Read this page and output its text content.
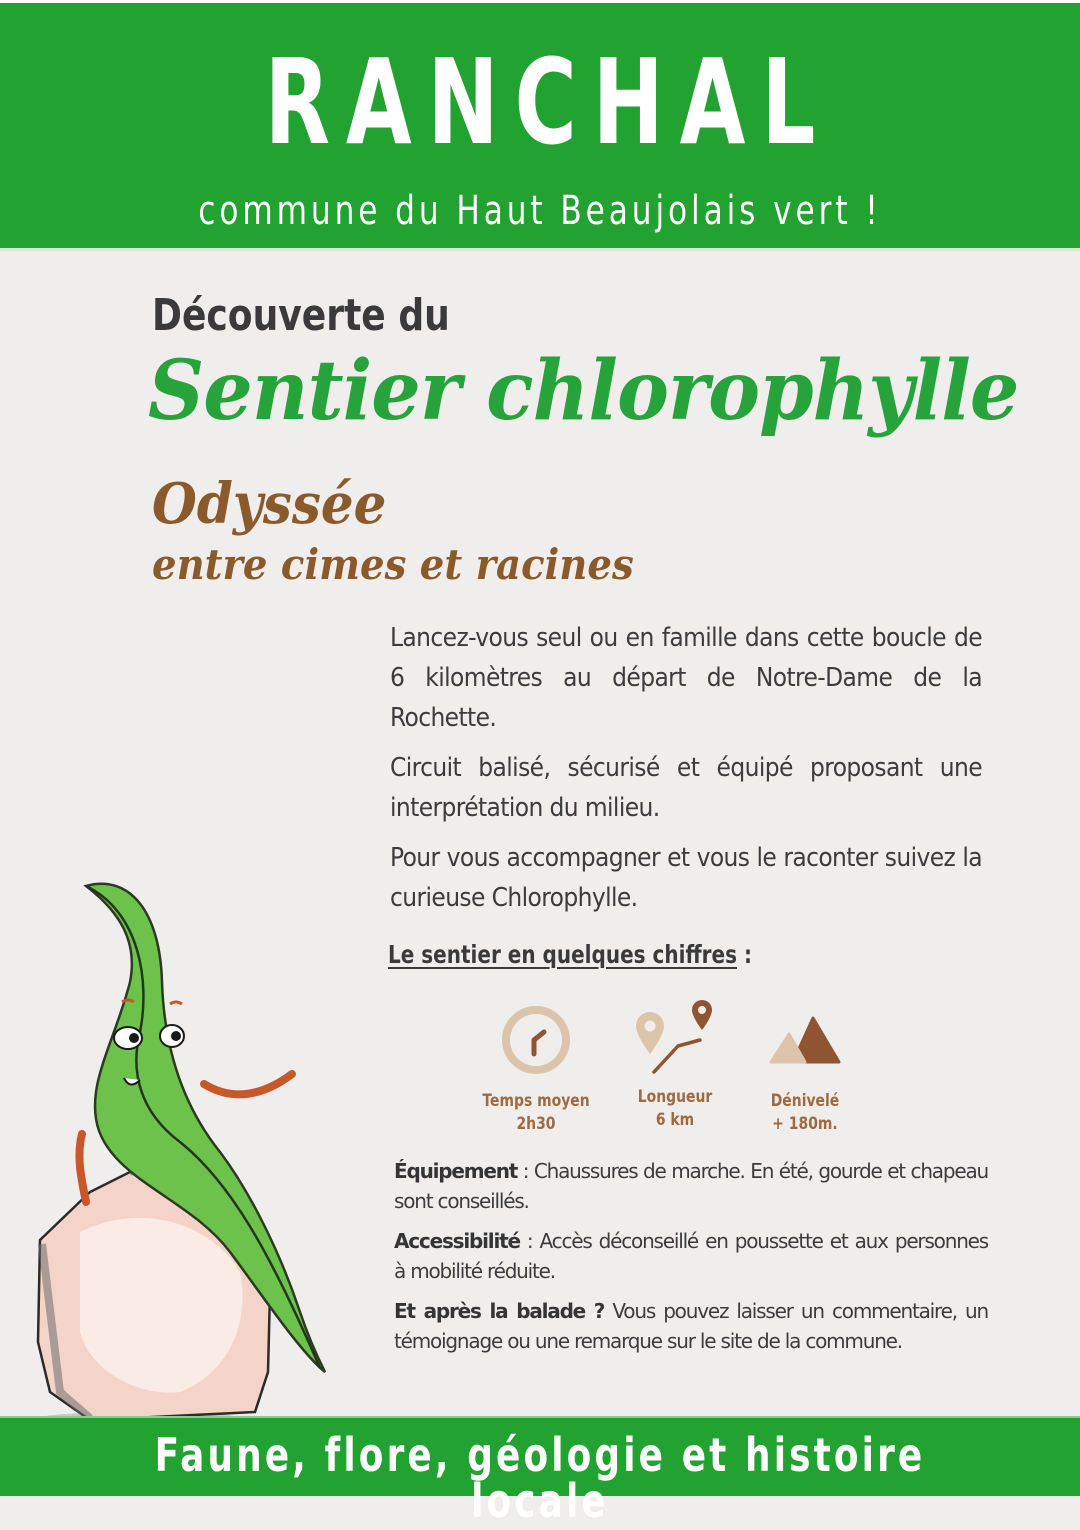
RANCHAL
commune du Haut Beaujolais vert !
Découverte du
Sentier chlorophylle
Odyssée
entre cimes et racines

Lancez-vous seul ou en famille dans cette boucle de 6 kilomètres au départ de Notre-Dame de la Rochette.

Circuit balisé, sécurisé et équipé proposant une interprétation du milieu.

Pour vous accompagner et vous le raconter suivez la curieuse Chlorophylle.

Le sentier en quelques chiffres :
Temps moyen
2h30
Longueur
6 km
Dénivelé
+ 180m.

Équipement : Chaussures de marche. En été, gourde et chapeau sont conseillés.

Accessibilité : Accès déconseillé en poussette et aux personnes à mobilité réduite.

Et après la balade ? Vous pouvez laisser un commentaire, un témoignage ou une remarque sur le site de la commune.

Faune, flore, géologie et histoire locale
